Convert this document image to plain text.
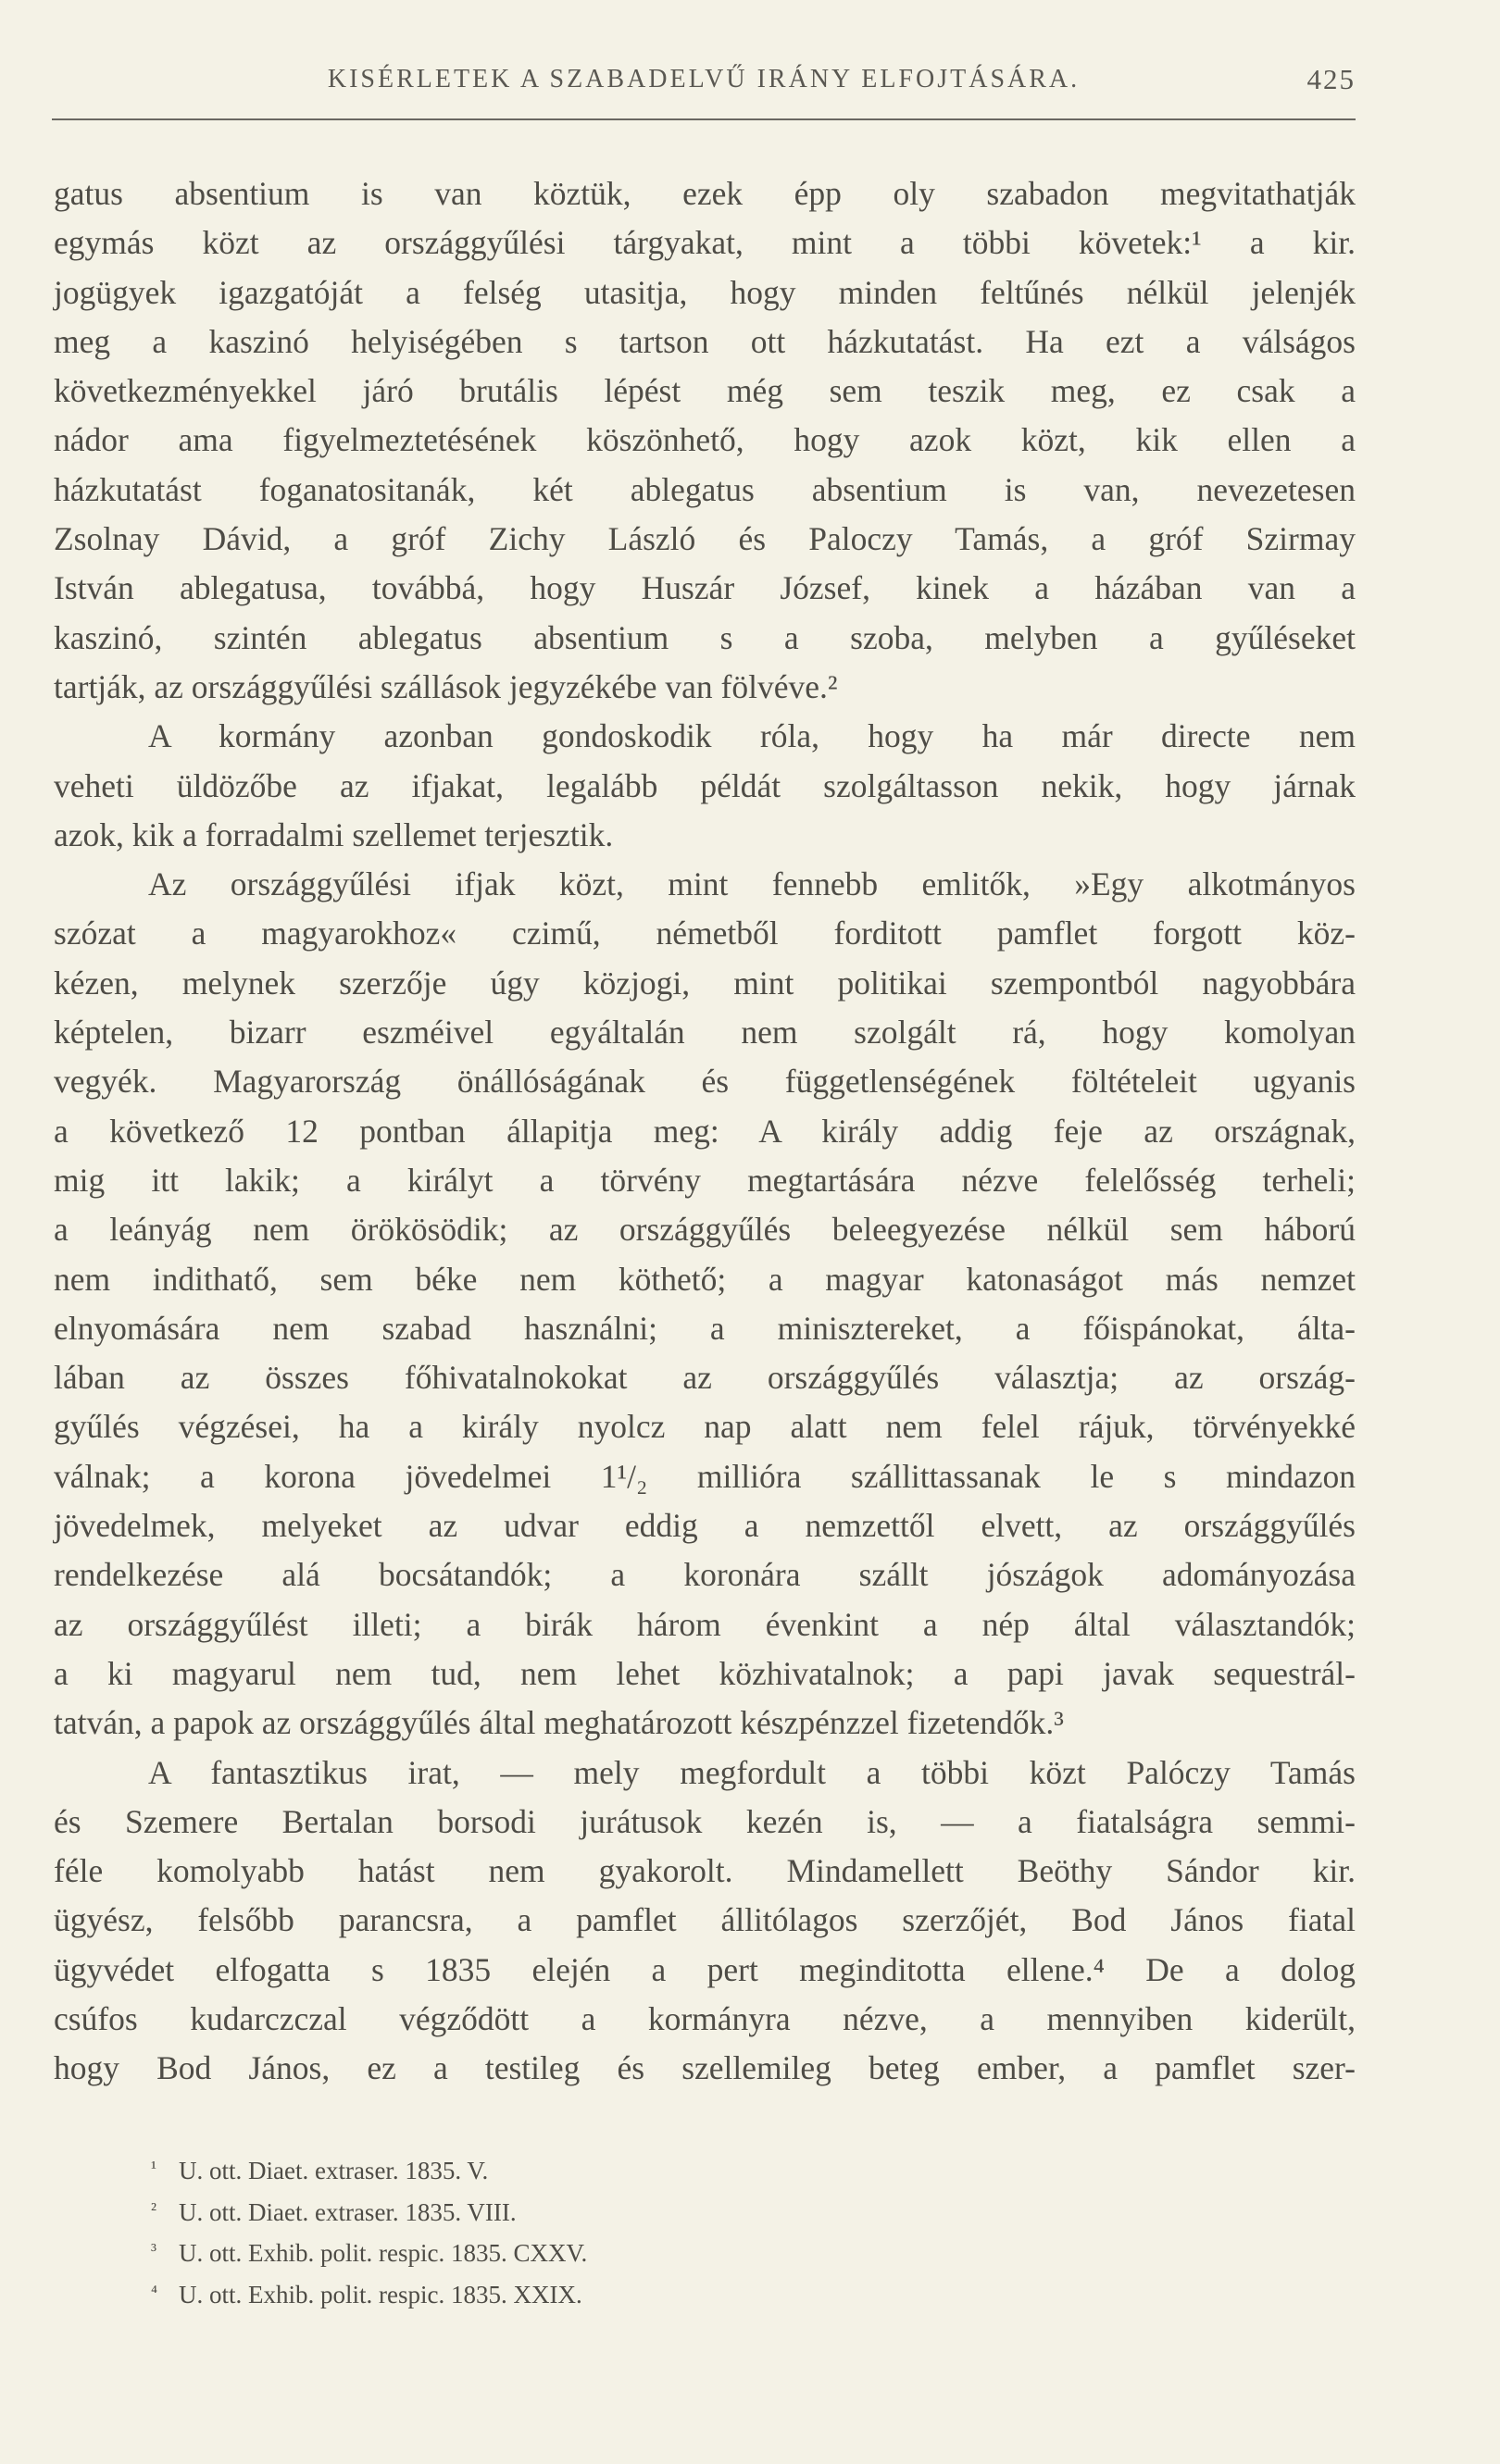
KISÉRLETEK A SZABADELVŰ IRÁNY ELFOJTÁSÁRA.	425
gatus absentium is van köztük, ezek épp oly szabadon megvitathatják
egymás közt az országgyűlési tárgyakat, mint a többi követek:¹ a kir.
jogügyek igazgatóját a felség utasitja, hogy minden feltűnés nélkül jelenjék
meg a kaszinó helyiségében s tartson ott házkutatást. Ha ezt a válságos
következményekkel járó brutális lépést még sem teszik meg, ez csak a
nádor ama figyelmeztetésének köszönhető, hogy azok közt, kik ellen a
házkutatást foganatositanák, két ablegatus absentium is van, nevezetesen
Zsolnay Dávid, a gróf Zichy László és Paloczy Tamás, a gróf Szirmay
István ablegatusa, továbbá, hogy Huszár József, kinek a házában van a
kaszinó, szintén ablegatus absentium s a szoba, melyben a gyűléseket
tartják, az országgyűlési szállások jegyzékébe van fölvéve.²
A kormány azonban gondoskodik róla, hogy ha már directe nem
veheti üldözőbe az ifjakat, legalább példát szolgáltasson nekik, hogy járnak
azok, kik a forradalmi szellemet terjesztik.
Az országgyűlési ifjak közt, mint fennebb emlitők, »Egy alkotmányos
szózat a magyarokhoz« czimű, németből forditott pamflet forgott köz-
kézen, melynek szerzője úgy közjogi, mint politikai szempontból nagyobbára
képtelen, bizarr eszméivel egyáltalán nem szolgált rá, hogy komolyan
vegyék. Magyarország önállóságának és függetlenségének föltételeit ugyanis
a következő 12 pontban állapitja meg: A király addig feje az országnak,
mig itt lakik; a királyt a törvény megtartására nézve felelősség terheli;
a leányág nem örökösödik; az országgyűlés beleegyezése nélkül sem háború
nem indithatő, sem béke nem köthető; a magyar katonaságot más nemzet
elnyomására nem szabad használni; a minisztereket, a főispánokat, álta-
lában az összes főhivatalnokokat az országgyűlés választja; az ország-
gyűlés végzései, ha a király nyolcz nap alatt nem felel rájuk, törvényekké
válnak; a korona jövedelmei 1¹/₂ millióra szállittassanak le s mindazon
jövedelmek, melyeket az udvar eddig a nemzettől elvett, az országgyűlés
rendelkezése alá bocsátandók; a koronára szállt jószágok adományozása
az országgyűlést illeti; a birák három évenkint a nép által választandók;
a ki magyarul nem tud, nem lehet közhivatalnok; a papi javak sequestrál-
tatván, a papok az országgyűlés által meghatározott készpénzzel fizetendők.³
A fantasztikus irat, — mely megfordult a többi közt Palóczy Tamás
és Szemere Bertalan borsodi jurátusok kezén is, — a fiatalságra semmi-
féle komolyabb hatást nem gyakorolt. Mindamellett Beöthy Sándor kir.
ügyész, felsőbb parancsra, a pamflet állitólagos szerzőjét, Bod János fiatal
ügyvédet elfogatta s 1835 elején a pert meginditotta ellene.⁴ De a dolog
csúfos kudarczczal végződött a kormányra nézve, a mennyiben kiderült,
hogy Bod János, ez a testileg és szellemileg beteg ember, a pamflet szer-
¹ U. ott. Diaet. extraser. 1835. V.
² U. ott. Diaet. extraser. 1835. VIII.
³ U. ott. Exhib. polit. respic. 1835. CXXV.
⁴ U. ott. Exhib. polit. respic. 1835. XXIX.
